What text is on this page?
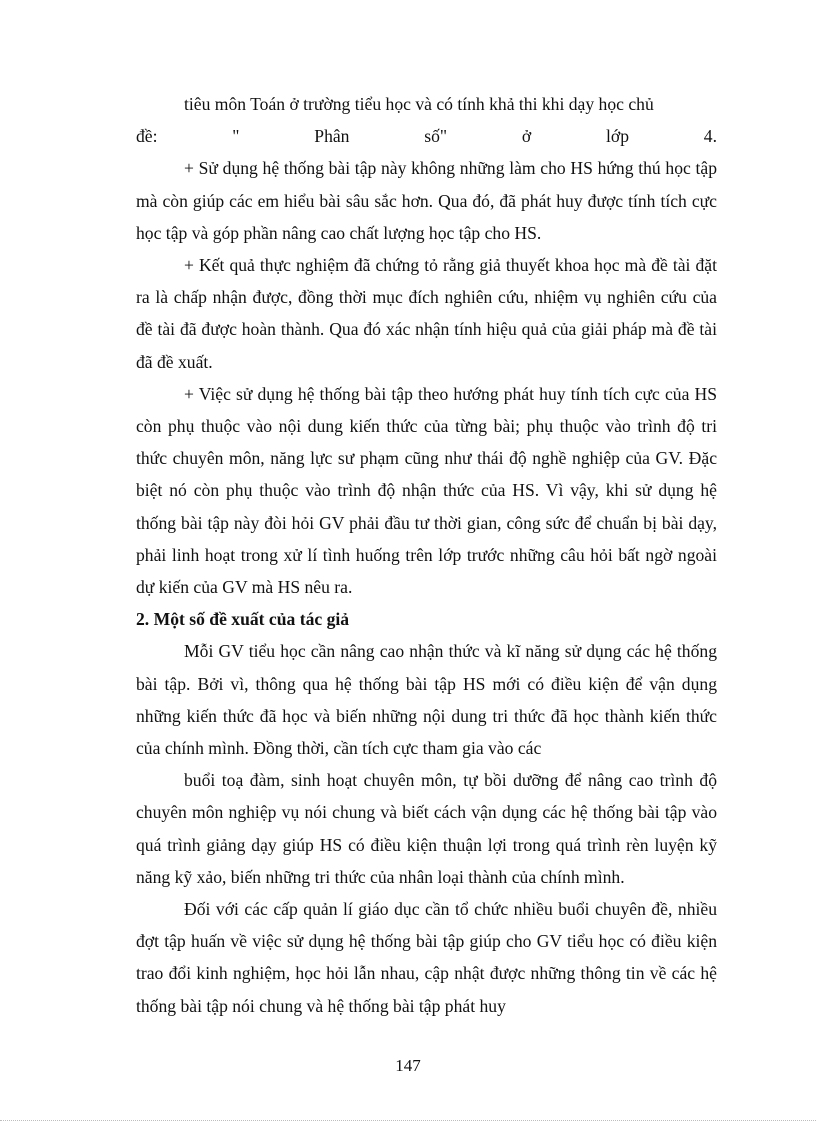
tiêu môn Toán ở trường tiểu học và có tính khả thi khi dạy học chủ

đề:	"	Phân	số"	ở	lớp	4.

+ Sử dụng hệ thống bài tập này không những làm cho HS hứng thú học tập mà còn giúp các em hiểu bài sâu sắc hơn. Qua đó, đã phát huy được tính tích cực học tập và góp phần nâng cao chất lượng học tập cho HS.

+ Kết quả thực nghiệm đã chứng tỏ rằng giả thuyết khoa học mà đề tài đặt ra là chấp nhận được, đồng thời mục đích nghiên cứu, nhiệm vụ nghiên cứu của đề tài đã được hoàn thành. Qua đó xác nhận tính hiệu quả của giải pháp mà đề tài đã đề xuất.

+ Việc sử dụng hệ thống bài tập theo hướng phát huy tính tích cực của HS còn phụ thuộc vào nội dung kiến thức của từng bài; phụ thuộc vào trình độ tri thức chuyên môn, năng lực sư phạm cũng như thái độ nghề nghiệp của GV. Đặc biệt nó còn phụ thuộc vào trình độ nhận thức của HS. Vì vậy, khi sử dụng hệ thống bài tập này đòi hỏi GV phải đầu tư thời gian, công sức để chuẩn bị bài dạy, phải linh hoạt trong xử lí tình huống trên lớp trước những câu hỏi bất ngờ ngoài dự kiến của GV mà HS nêu ra.

2. Một số đề xuất của tác giả

Mỗi GV tiểu học cần nâng cao nhận thức và kĩ năng sử dụng các hệ thống bài tập. Bởi vì, thông qua hệ thống bài tập HS mới có điều kiện để vận dụng những kiến thức đã học và biến những nội dung tri thức đã học thành kiến thức của chính mình. Đồng thời, cần tích cực tham gia vào các

buổi toạ đàm, sinh hoạt chuyên môn, tự bồi dưỡng để nâng cao trình độ chuyên môn nghiệp vụ nói chung và biết cách vận dụng các hệ thống bài tập vào quá trình giảng dạy giúp HS có điều kiện thuận lợi trong quá trình rèn luyện kỹ năng kỹ xảo, biến những tri thức của nhân loại thành của chính mình.

Đối với các cấp quản lí giáo dục cần tổ chức nhiều buổi chuyên đề, nhiều đợt tập huấn về việc sử dụng hệ thống bài tập giúp cho GV tiểu học có điều kiện trao đổi kinh nghiệm, học hỏi lẫn nhau, cập nhật được những thông tin về các hệ thống bài tập nói chung và hệ thống bài tập phát huy

147
